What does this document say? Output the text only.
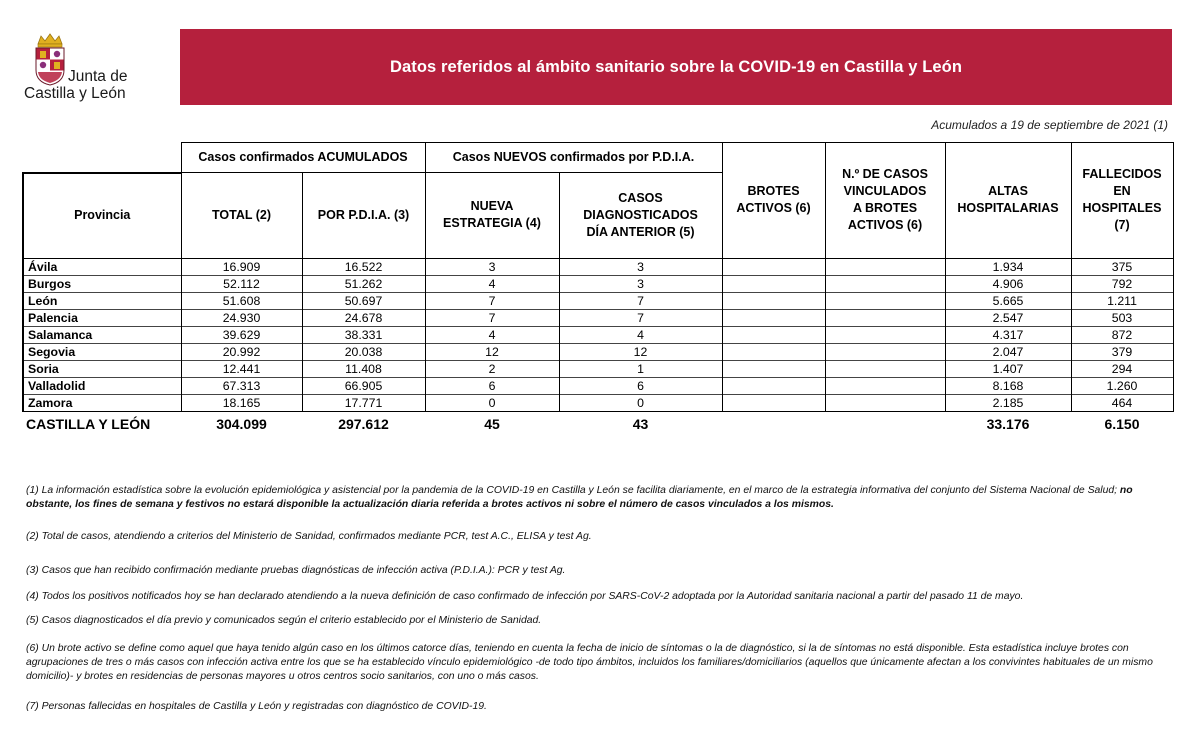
Junta de
Castilla y León
Datos referidos al ámbito sanitario sobre la COVID-19 en Castilla y León
Acumulados a 19 de septiembre de 2021 (1)
	Casos confirmados ACUMULADOS		Casos NUEVOS confirmados por P.D.I.A.		BROTES ACTIVOS (6)	N.º DE CASOS VINCULADOS A BROTES ACTIVOS (6)	ALTAS HOSPITALARIAS	FALLECIDOS EN HOSPITALES (7)
Provincia	TOTAL (2)	POR P.D.I.A. (3)	NUEVA ESTRATEGIA (4)	CASOS DIAGNOSTICADOS DÍA ANTERIOR (5)				
Ávila	16.909	16.522	3	3			1.934	375
Burgos	52.112	51.262	4	3			4.906	792
León	51.608	50.697	7	7			5.665	1.211
Palencia	24.930	24.678	7	7			2.547	503
Salamanca	39.629	38.331	4	4			4.317	872
Segovia	20.992	20.038	12	12			2.047	379
Soria	12.441	11.408	2	1			1.407	294
Valladolid	67.313	66.905	6	6			8.168	1.260
Zamora	18.165	17.771	0	0			2.185	464
CASTILLA Y LEÓN	304.099	297.612	45	43			33.176	6.150
(1) La información estadística sobre la evolución epidemiológica y asistencial por la pandemia de la COVID-19 en Castilla y León se facilita diariamente, en el marco de la estrategia informativa del conjunto del Sistema Nacional de Salud; no obstante, los fines de semana y festivos no estará disponible la actualización diaria referida a brotes activos ni sobre el número de casos vinculados a los mismos.
(2) Total de casos, atendiendo a criterios del Ministerio de Sanidad, confirmados mediante PCR, test A.C., ELISA y test Ag.
(3) Casos que han recibido confirmación mediante pruebas diagnósticas de infección activa (P.D.I.A.): PCR y test Ag.
(4) Todos los positivos notificados hoy se han declarado atendiendo a la nueva definición de caso confirmado de infección por SARS-CoV-2 adoptada por la Autoridad sanitaria nacional a partir del pasado 11 de mayo.
(5) Casos diagnosticados el día previo y comunicados según el criterio establecido por el Ministerio de Sanidad.
(6) Un brote activo se define como aquel que haya tenido algún caso en los últimos catorce días, teniendo en cuenta la fecha de inicio de síntomas o la de diagnóstico, si la de síntomas no está disponible. Esta estadística incluye brotes con agrupaciones de tres o más casos con infección activa entre los que se ha establecido vínculo epidemiológico -de todo tipo ámbitos, incluidos los familiares/domiciliarios (aquellos que únicamente afectan a los convivintes habituales de un mismo domicilio)- y brotes en residencias de personas mayores u otros centros socio sanitarios, con uno o más casos.
(7) Personas fallecidas en hospitales de Castilla y León y registradas con diagnóstico de COVID-19.
